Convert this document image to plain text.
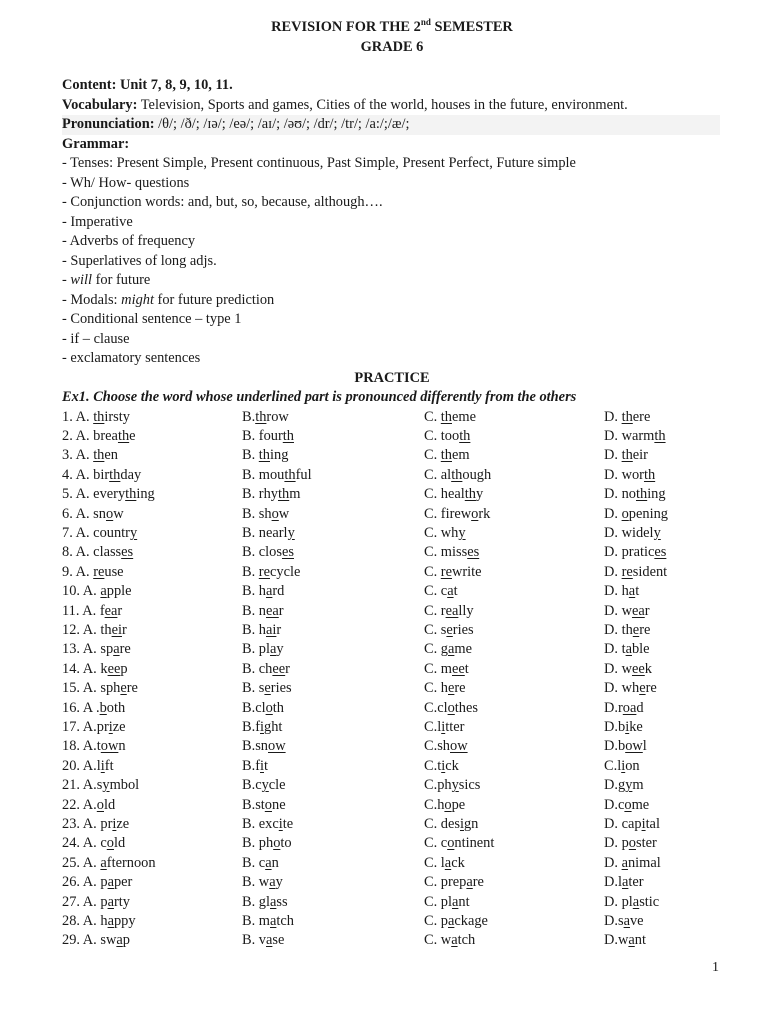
REVISION FOR THE 2nd SEMESTER
GRADE 6
Content: Unit 7, 8, 9, 10, 11.
Vocabulary: Television, Sports and games, Cities of the world, houses in the future, environment.
Pronunciation: /θ/; /ð/; /ɪə/; /eə/; /aɪ/; /əʊ/; /dr/; /tr/; /a:/;/æ/;
Grammar:
- Tenses: Present Simple, Present continuous, Past Simple, Present Perfect, Future simple
- Wh/ How- questions
- Conjunction words: and, but, so, because, although….
- Imperative
- Adverbs of frequency
- Superlatives of long adjs.
- will for future
- Modals: might for future prediction
- Conditional sentence – type 1
- if – clause
- exclamatory sentences
PRACTICE
Ex1. Choose the word whose underlined part is pronounced differently from the others
1. A. thirsty	B.throw	C. theme	D. there
2. A. breathe	B. fourth	C. tooth	D. warmth
3. A. then	B. thing	C. them	D. their
4. A. birthday	B. mouthful	C. although	D. worth
5. A. everything	B. rhythm	C. healthy	D. nothing
6. A. snow	B. show	C. firework	D. opening
7. A. country	B. nearly	C. why	D. widely
8. A. classes	B. closes	C. misses	D. pratices
9. A. reuse	B. recycle	C. rewrite	D. resident
10. A. apple	B. hard	C. cat	D. hat
11. A. fear	B. near	C. really	D. wear
12. A. their	B. hair	C. series	D. there
13. A. spare	B. play	C. game	D. table
14. A. keep	B. cheer	C. meet	D. week
15. A. sphere	B. series	C. here	D. where
16. A .both	B.cloth	C.clothes	D.road
17. A.prize	B.fight	C.litter	D.bike
18. A.town	B.snow	C.show	D.bowl
20. A.lift	B.fit	C.tick	C.lion
21. A.symbol	B.cycle	C.physics	D.gym
22. A.old	B.stone	C.hope	D.come
23. A. prize	B. excite	C. design	D. capital
24. A. cold	B. photo	C. continent	D. poster
25. A. afternoon	B. can	C. lack	D. animal
26. A. paper	B. way	C. prepare	D.later
27. A. party	B. glass	C. plant	D. plastic
28. A. happy	B. match	C. package	D.save
29. A. swap	B. vase	C. watch	D.want
1
